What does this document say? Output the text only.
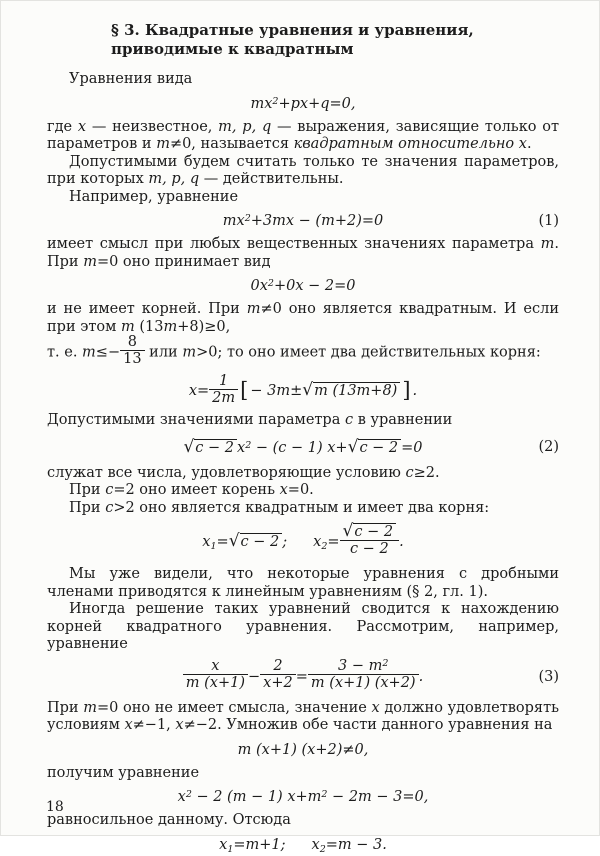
§ 3. Квадратные уравнения и уравнения,
приводимые к квадратным

Уравнения вида

$mx^2+px+q=0$,

где x — неизвестное, m, p, q — выражения, зависящие только от параметров и m≠0, называется квадратным относительно x.

Допустимыми будем считать только те значения параметров, при которых m, p, q — действительны.

Например, уравнение

$mx^2+3mx - (m+2)=0$	(1)

имеет смысл при любых вещественных значениях параметра m. При m=0 оно принимает вид

$0x^2+0x - 2=0$

и не имеет корней. При m≠0 оно является квадратным. И если при этом m (13m+8)≥0,

т. е. $m\le- \frac{8}{13}$ или m>0; то оно имеет два действительных корня:

$x= \frac{1}{2m}$ [ − 3m±√m (13m+8) ] .

Допустимыми значениями параметра c в уравнении

√c − 2 $x^2 - (c - 1) x+√c - 2 =0$	(2)

служат все числа, удовлетворяющие условию c≥2.

При c=2 оно имеет корень x=0.

При c>2 оно является квадратным и имеет два корня:

$x_1=√c - 2$ ; $x_2= \frac{√c - 2}{c - 2}$ .

Мы уже видели, что некоторые уравнения с дробными членами приводятся к линейным уравнениям (§ 2, гл. 1).

Иногда решение таких уравнений сводится к нахождению корней квадратного уравнения. Рассмотрим, например, уравнение

$\frac{x}{m (x+1)} - \frac{2}{x+2} = \frac{3 - m^2}{m (x+1) (x+2)}$ .	(3)

При m=0 оно не имеет смысла, значение x должно удовлетворять условиям x≠−1, x≠−2. Умножив обе части данного уравнения на

m (x+1) (x+2)≠0,

получим уравнение

$x^2 - 2$ (m − 1) $x+m^2 - 2m - 3=0$,

равносильное данному. Отсюда

$x_1=m+1$; $x_2=m - 3$.
18
